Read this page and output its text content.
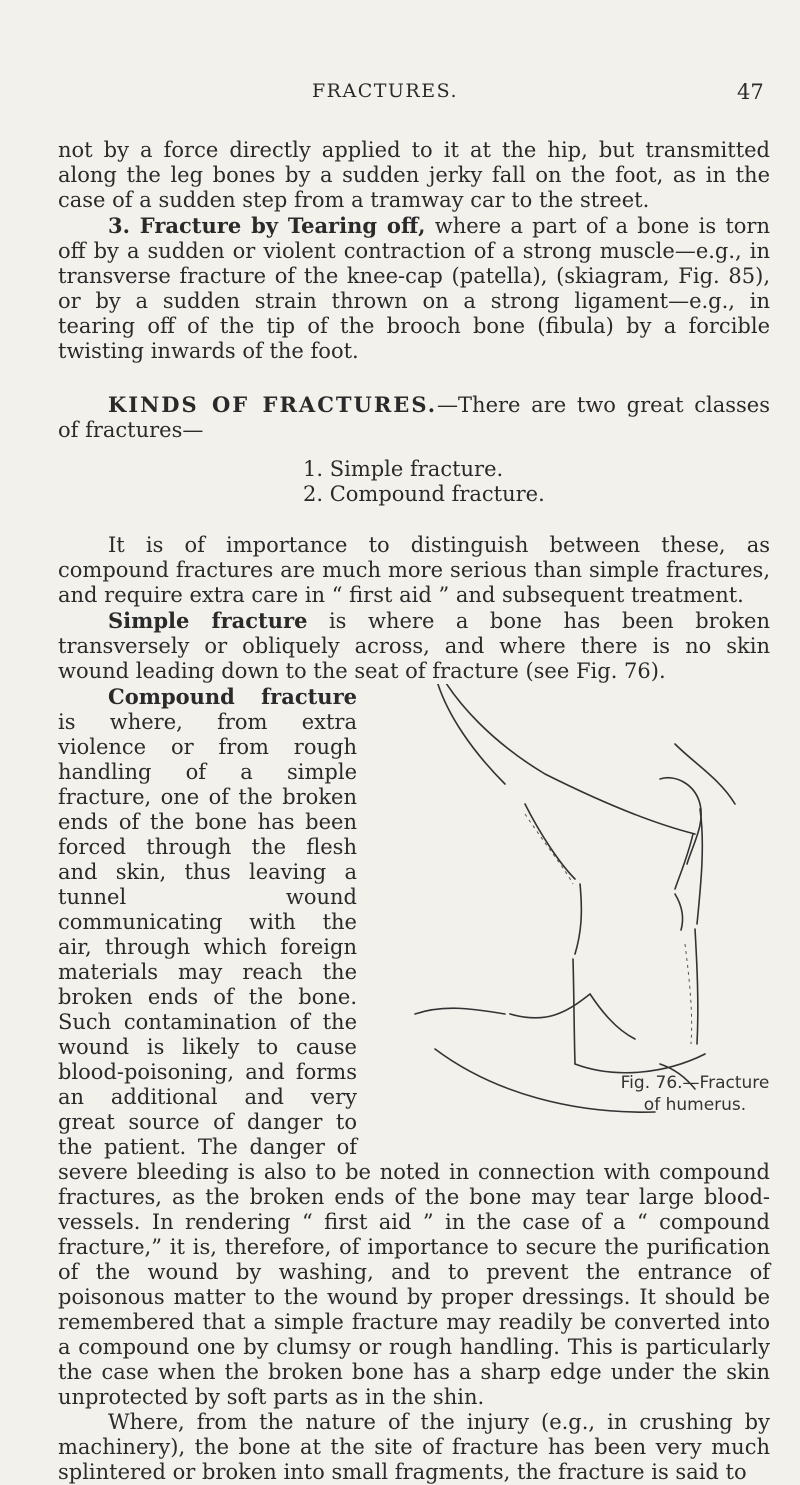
FRACTURES.	47

not by a force directly applied to it at the hip, but transmitted along the leg bones by a sudden jerky fall on the foot, as in the case of a sudden step from a tramway car to the street.

3. Fracture by Tearing off, where a part of a bone is torn off by a sudden or violent contraction of a strong muscle—e.g., in transverse fracture of the knee-cap (patella), (skiagram, Fig. 85), or by a sudden strain thrown on a strong ligament—e.g., in tearing off of the tip of the brooch bone (fibula) by a forcible twisting inwards of the foot.

KINDS OF FRACTURES.—There are two great classes of fractures—

1. Simple fracture.
2. Compound fracture.

It is of importance to distinguish between these, as compound fractures are much more serious than simple fractures, and require extra care in “ first aid ” and subsequent treatment.

Simple fracture is where a bone has been broken transversely or obliquely across, and where there is no skin wound leading down to the seat of fracture (see Fig. 76).

Fig. 76.—Fracture
of humerus.

Compound fracture is where, from extra violence or from rough handling of a simple fracture, one of the broken ends of the bone has been forced through the flesh and skin, thus leaving a tunnel wound communicating with the air, through which foreign materials may reach the broken ends of the bone. Such contamination of the wound is likely to cause blood-poisoning, and forms an additional and very great source of danger to the patient. The danger of severe bleeding is also to be noted in connection with compound fractures, as the broken ends of the bone may tear large blood-vessels. In rendering “ first aid ” in the case of a “ compound fracture,” it is, therefore, of importance to secure the purification of the wound by washing, and to prevent the entrance of poisonous matter to the wound by proper dressings. It should be remembered that a simple fracture may readily be converted into a compound one by clumsy or rough handling. This is particularly the case when the broken bone has a sharp edge under the skin unprotected by soft parts as in the shin.

Where, from the nature of the injury (e.g., in crushing by machinery), the bone at the site of fracture has been very much splintered or broken into small fragments, the fracture is said to
